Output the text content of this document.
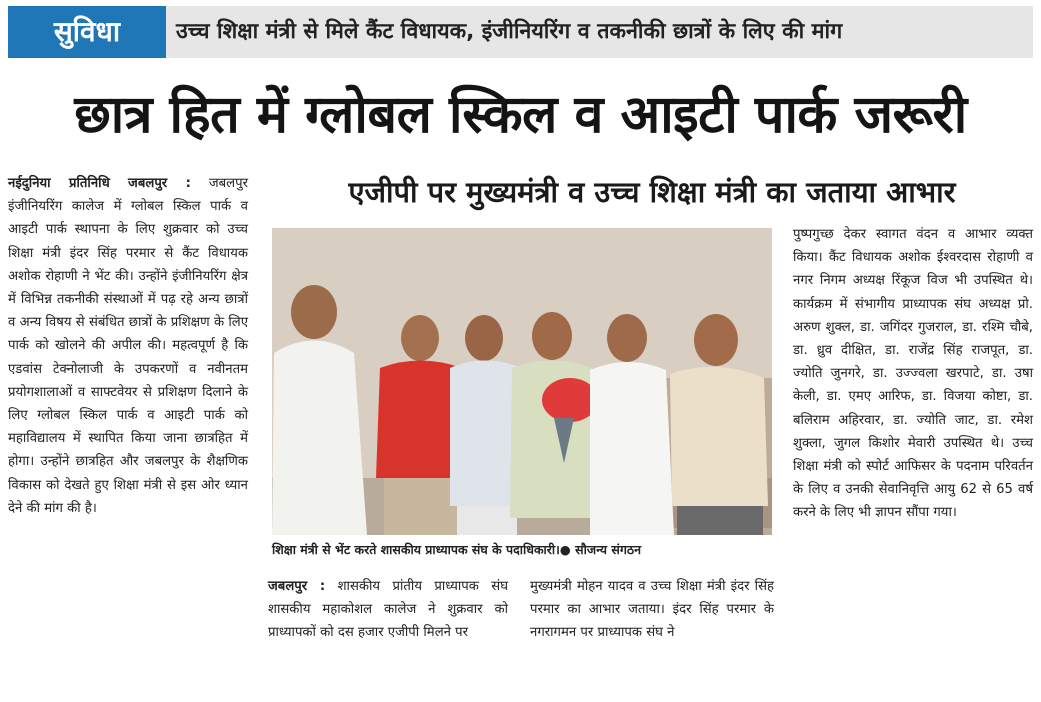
सुविधा	उच्च शिक्षा मंत्री से मिले कैंट विधायक, इंजीनियरिंग व तकनीकी छात्रों के लिए की मांग
छात्र हित में ग्लोबल स्किल व आइटी पार्क जरूरी
एजीपी पर मुख्यमंत्री व उच्च शिक्षा मंत्री का जताया आभार
नईदुनिया प्रतिनिधि जबलपुर : जबलपुर इंजीनियरिंग कालेज में ग्लोबल स्किल पार्क व आइटी पार्क स्थापना के लिए शुक्रवार को उच्च शिक्षा मंत्री इंदर सिंह परमार से कैंट विधायक अशोक रोहाणी ने भेंट की। उन्होंने इंजीनियरिंग क्षेत्र में विभिन्न तकनीकी संस्थाओं में पढ़ रहे अन्य छात्रों व अन्य विषय से संबंधित छात्रों के प्रशिक्षण के लिए पार्क को खोलने की अपील की। महत्वपूर्ण है कि एडवांस टेक्नोलाजी के उपकरणों व नवीनतम प्रयोगशालाओं व साफ्टवेयर से प्रशिक्षण दिलाने के लिए ग्लोबल स्किल पार्क व आइटी पार्क को महाविद्यालय में स्थापित किया जाना छात्रहित में होगा। उन्होंने छात्रहित और जबलपुर के शैक्षणिक विकास को देखते हुए शिक्षा मंत्री से इस ओर ध्यान देने की मांग की है।
शिक्षा मंत्री से भेंट करते शासकीय प्राध्यापक संघ के पदाधिकारी।● सौजन्य संगठन
जबलपुर : शासकीय प्रांतीय प्राध्यापक संघ शासकीय महाकोशल कालेज ने शुक्रवार को प्राध्यापकों को दस हजार एजीपी मिलने पर
मुख्यमंत्री मोहन यादव व उच्च शिक्षा मंत्री इंदर सिंह परमार का आभार जताया। इंदर सिंह परमार के नगरागमन पर प्राध्यापक संघ ने
पुष्पगुच्छ देकर स्वागत वंदन व आभार व्यक्त किया। कैंट विधायक अशोक ईश्वरदास रोहाणी व नगर निगम अध्यक्ष रिंकूज विज भी उपस्थित थे। कार्यक्रम में संभागीय प्राध्यापक संघ अध्यक्ष प्रो. अरुण शुक्ल, डा. जगिंदर गुजराल, डा. रश्मि चौबे, डा. ध्रुव दीक्षित, डा. राजेंद्र सिंह राजपूत, डा. ज्योति जुनगरे, डा. उज्ज्वला खरपाटे, डा. उषा केली, डा. एमए आरिफ, डा. विजया कोष्टा, डा. बलिराम अहिरवार, डा. ज्योति जाट, डा. रमेश शुक्ला, जुगल किशोर मेवारी उपस्थित थे। उच्च शिक्षा मंत्री को स्पोर्ट आफिसर के पदनाम परिवर्तन के लिए व उनकी सेवानिवृत्ति आयु 62 से 65 वर्ष करने के लिए भी ज्ञापन सौंपा गया।
